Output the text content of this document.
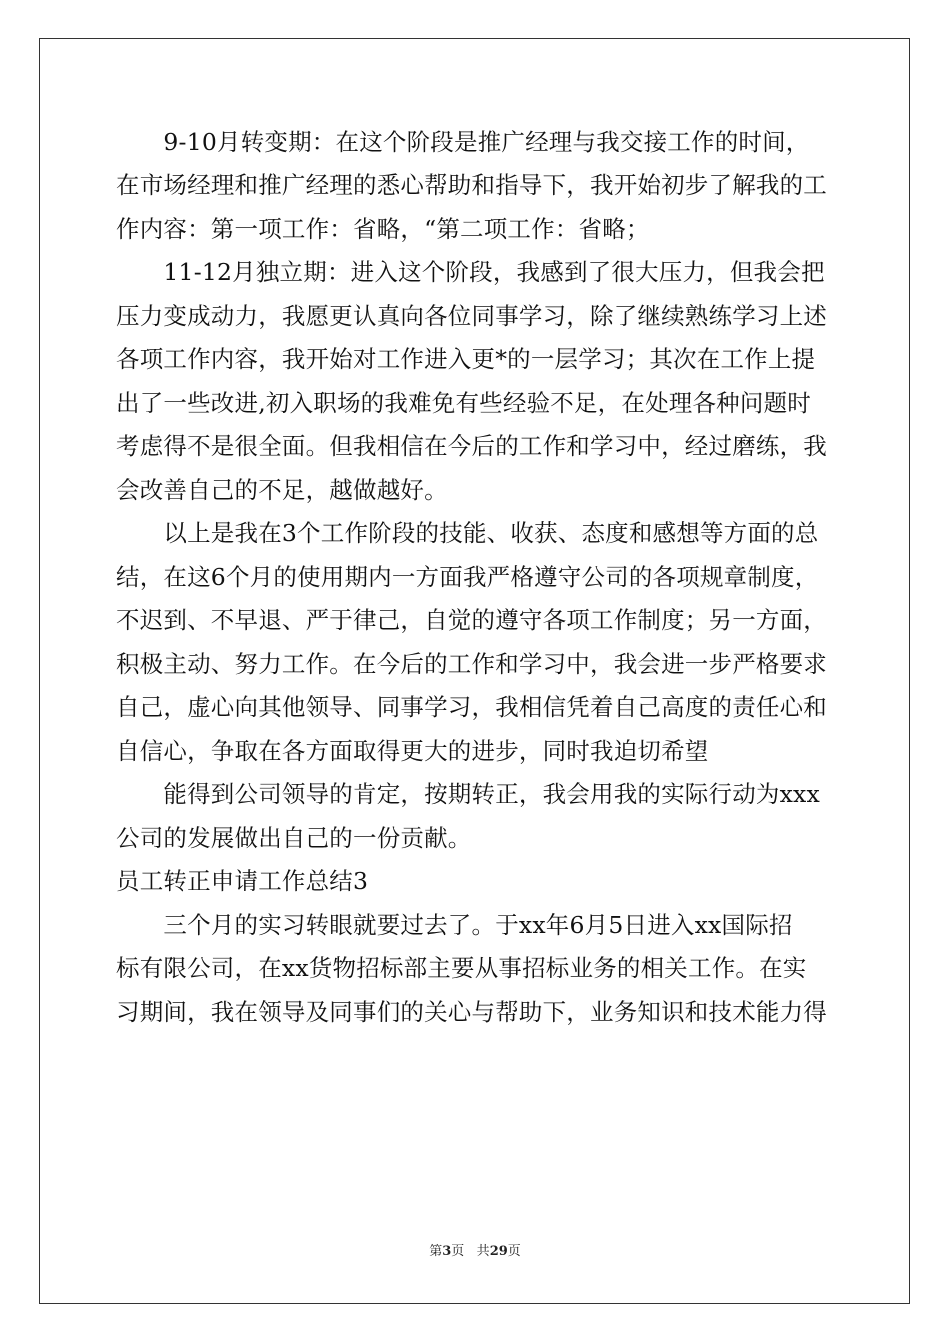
　　9-10月转变期：在这个阶段是推广经理与我交接工作的时间，
在市场经理和推广经理的悉心帮助和指导下，我开始初步了解我的工
作内容：第一项工作：省略，“第二项工作：省略；
　　11-12月独立期：进入这个阶段，我感到了很大压力，但我会把
压力变成动力，我愿更认真向各位同事学习，除了继续熟练学习上述
各项工作内容，我开始对工作进入更*的一层学习；其次在工作上提
出了一些改进,初入职场的我难免有些经验不足，在处理各种问题时
考虑得不是很全面。但我相信在今后的工作和学习中，经过磨练，我
会改善自己的不足，越做越好。
　　以上是我在3个工作阶段的技能、收获、态度和感想等方面的总
结，在这6个月的使用期内一方面我严格遵守公司的各项规章制度，
不迟到、不早退、严于律己，自觉的遵守各项工作制度；另一方面，
积极主动、努力工作。在今后的工作和学习中，我会进一步严格要求
自己，虚心向其他领导、同事学习，我相信凭着自己高度的责任心和
自信心，争取在各方面取得更大的进步，同时我迫切希望
　　能得到公司领导的肯定，按期转正，我会用我的实际行动为xxx
公司的发展做出自己的一份贡献。
员工转正申请工作总结3
　　三个月的实习转眼就要过去了。于xx年6月5日进入xx国际招
标有限公司，在xx货物招标部主要从事招标业务的相关工作。在实
习期间，我在领导及同事们的关心与帮助下，业务知识和技术能力得
第3页 共29页
